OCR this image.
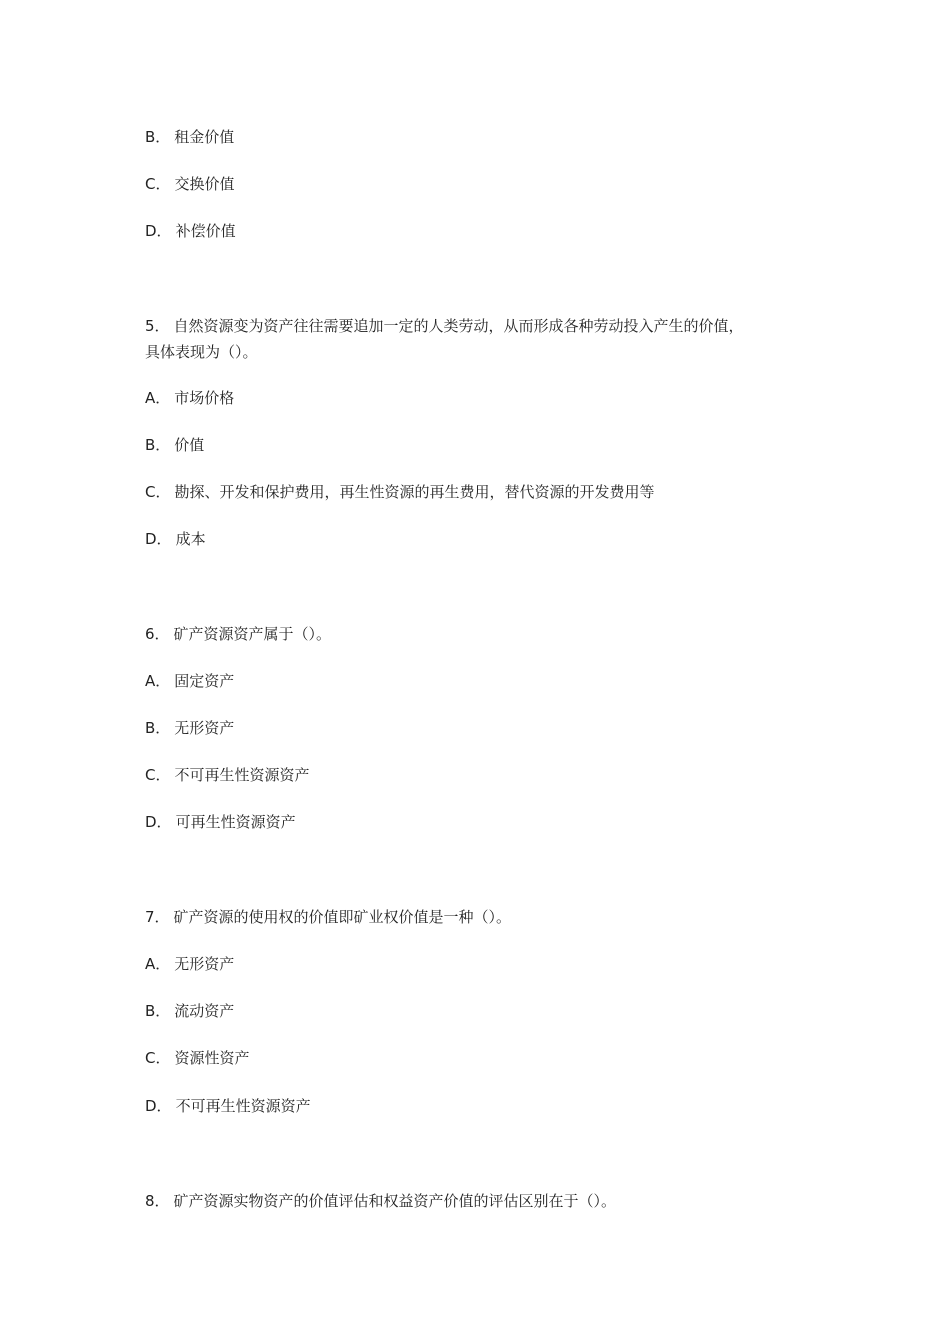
B． 租金价值
C． 交换价值
D． 补偿价值
5． 自然资源变为资产往往需要追加一定的人类劳动，从而形成各种劳动投入产生的价值，
具体表现为（）。
A． 市场价格
B． 价值
C． 勘探、开发和保护费用，再生性资源的再生费用，替代资源的开发费用等
D． 成本
6． 矿产资源资产属于（）。
A． 固定资产
B． 无形资产
C． 不可再生性资源资产
D． 可再生性资源资产
7． 矿产资源的使用权的价值即矿业权价值是一种（）。
A． 无形资产
B． 流动资产
C． 资源性资产
D． 不可再生性资源资产
8． 矿产资源实物资产的价值评估和权益资产价值的评估区别在于（）。
